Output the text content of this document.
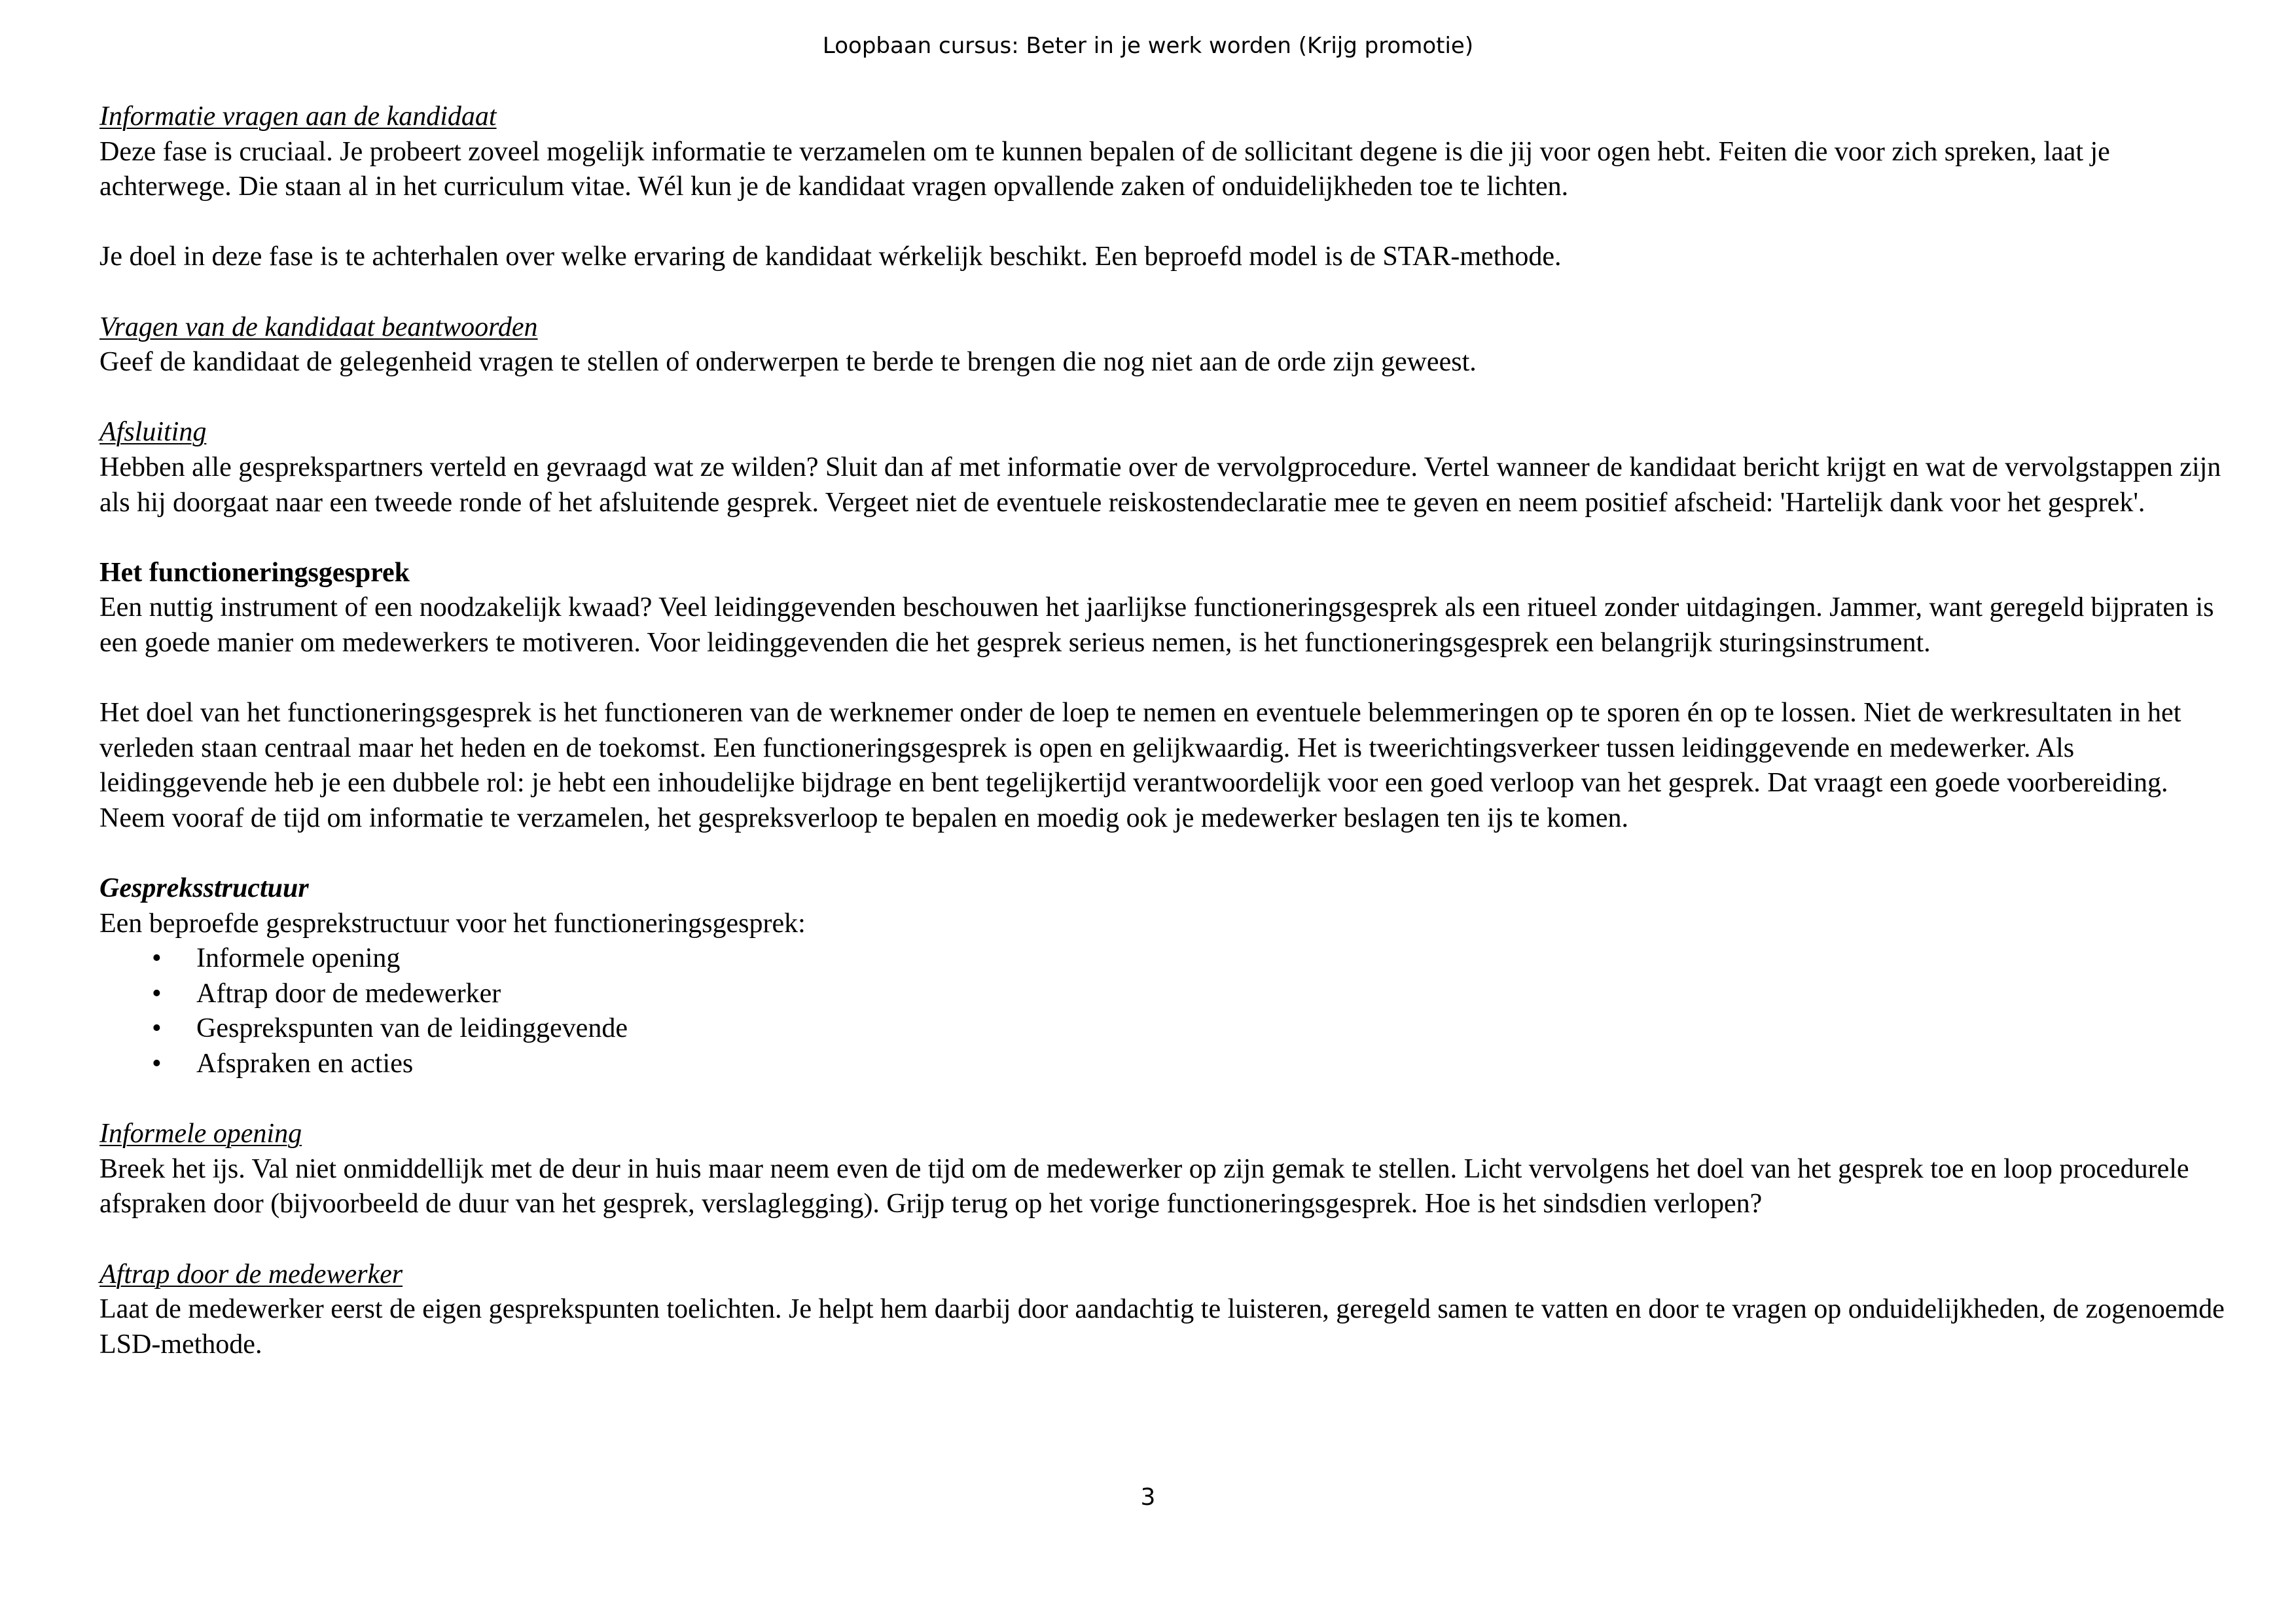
Loopbaan cursus: Beter in je werk worden (Krijg promotie)

Informatie vragen aan de kandidaat

Deze fase is cruciaal. Je probeert zoveel mogelijk informatie te verzamelen om te kunnen bepalen of de sollicitant degene is die jij voor ogen hebt. Feiten die voor zich spreken, laat je achterwege. Die staan al in het curriculum vitae. Wél kun je de kandidaat vragen opvallende zaken of onduidelijkheden toe te lichten.

Je doel in deze fase is te achterhalen over welke ervaring de kandidaat wérkelijk beschikt. Een beproefd model is de STAR-methode.

Vragen van de kandidaat beantwoorden

Geef de kandidaat de gelegenheid vragen te stellen of onderwerpen te berde te brengen die nog niet aan de orde zijn geweest.

Afsluiting

Hebben alle gesprekspartners verteld en gevraagd wat ze wilden? Sluit dan af met informatie over de vervolgprocedure. Vertel wanneer de kandidaat bericht krijgt en wat de vervolgstappen zijn als hij doorgaat naar een tweede ronde of het afsluitende gesprek. Vergeet niet de eventuele reiskostendeclaratie mee te geven en neem positief afscheid: 'Hartelijk dank voor het gesprek'.

Het functioneringsgesprek

Een nuttig instrument of een noodzakelijk kwaad? Veel leidinggevenden beschouwen het jaarlijkse functioneringsgesprek als een ritueel zonder uitdagingen. Jammer, want geregeld bijpraten is een goede manier om medewerkers te motiveren. Voor leidinggevenden die het gesprek serieus nemen, is het functioneringsgesprek een belangrijk sturingsinstrument.

Het doel van het functioneringsgesprek is het functioneren van de werknemer onder de loep te nemen en eventuele belemmeringen op te sporen én op te lossen. Niet de werkresultaten in het verleden staan centraal maar het heden en de toekomst. Een functioneringsgesprek is open en gelijkwaardig. Het is tweerichtingsverkeer tussen leidinggevende en medewerker. Als leidinggevende heb je een dubbele rol: je hebt een inhoudelijke bijdrage en bent tegelijkertijd verantwoordelijk voor een goed verloop van het gesprek. Dat vraagt een goede voorbereiding. Neem vooraf de tijd om informatie te verzamelen, het gespreksverloop te bepalen en moedig ook je medewerker beslagen ten ijs te komen.

Gespreksstructuur

Een beproefde gesprekstructuur voor het functioneringsgesprek:

• Informele opening
• Aftrap door de medewerker
• Gesprekspunten van de leidinggevende
• Afspraken en acties

Informele opening

Breek het ijs. Val niet onmiddellijk met de deur in huis maar neem even de tijd om de medewerker op zijn gemak te stellen. Licht vervolgens het doel van het gesprek toe en loop procedurele afspraken door (bijvoorbeeld de duur van het gesprek, verslaglegging). Grijp terug op het vorige functioneringsgesprek. Hoe is het sindsdien verlopen?

Aftrap door de medewerker

Laat de medewerker eerst de eigen gesprekspunten toelichten. Je helpt hem daarbij door aandachtig te luisteren, geregeld samen te vatten en door te vragen op onduidelijkheden, de zogenoemde LSD-methode.

3
